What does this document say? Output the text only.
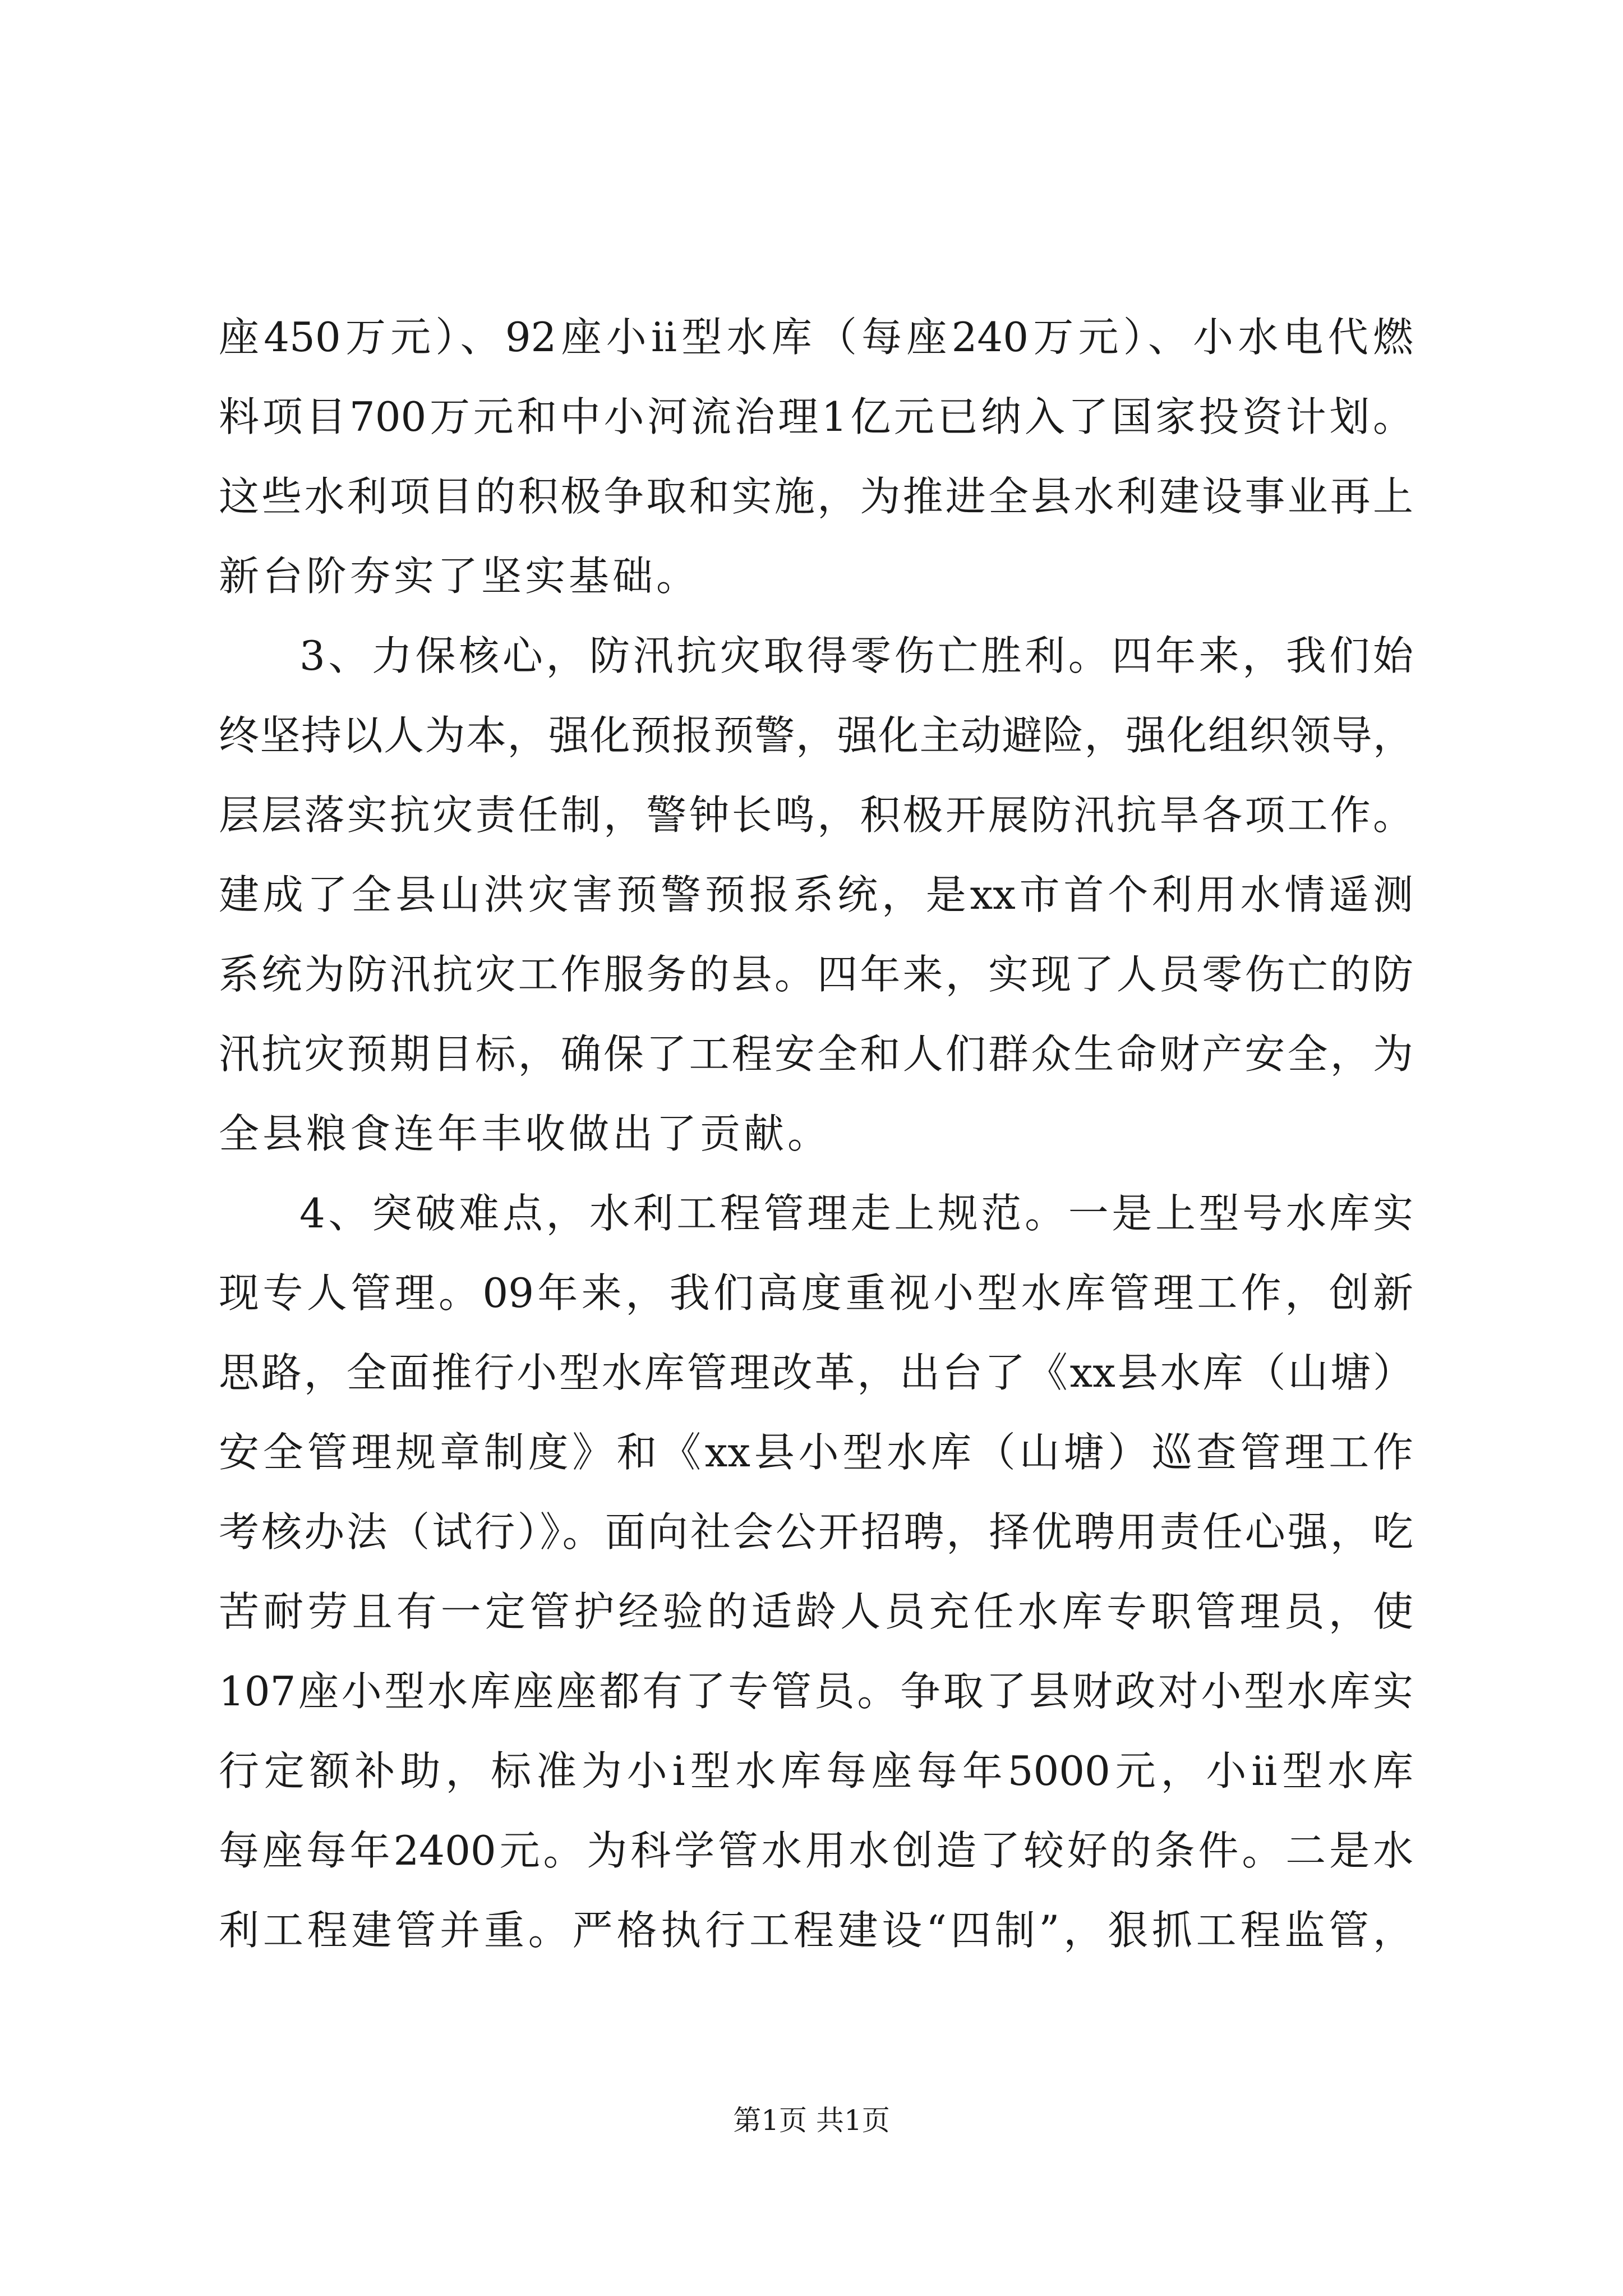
座450万元）、92座小ii型水库（每座240万元）、小水电代燃
料项目700万元和中小河流治理1亿元已纳入了国家投资计划。
这些水利项目的积极争取和实施，为推进全县水利建设事业再上
新台阶夯实了坚实基础。
3、力保核心，防汛抗灾取得零伤亡胜利。四年来，我们始
终坚持以人为本，强化预报预警，强化主动避险，强化组织领导，
层层落实抗灾责任制，警钟长鸣，积极开展防汛抗旱各项工作。
建成了全县山洪灾害预警预报系统，是xx市首个利用水情遥测
系统为防汛抗灾工作服务的县。四年来，实现了人员零伤亡的防
汛抗灾预期目标，确保了工程安全和人们群众生命财产安全，为
全县粮食连年丰收做出了贡献。
4、突破难点，水利工程管理走上规范。一是上型号水库实
现专人管理。09年来，我们高度重视小型水库管理工作，创新
思路，全面推行小型水库管理改革，出台了《xx县水库（山塘）
安全管理规章制度》和《xx县小型水库（山塘）巡查管理工作
考核办法（试行）》。面向社会公开招聘，择优聘用责任心强，吃
苦耐劳且有一定管护经验的适龄人员充任水库专职管理员，使
107座小型水库座座都有了专管员。争取了县财政对小型水库实
行定额补助，标准为小i型水库每座每年5000元，小ii型水库
每座每年2400元。为科学管水用水创造了较好的条件。二是水
利工程建管并重。严格执行工程建设“四制”，狠抓工程监管，
第1页 共1页
